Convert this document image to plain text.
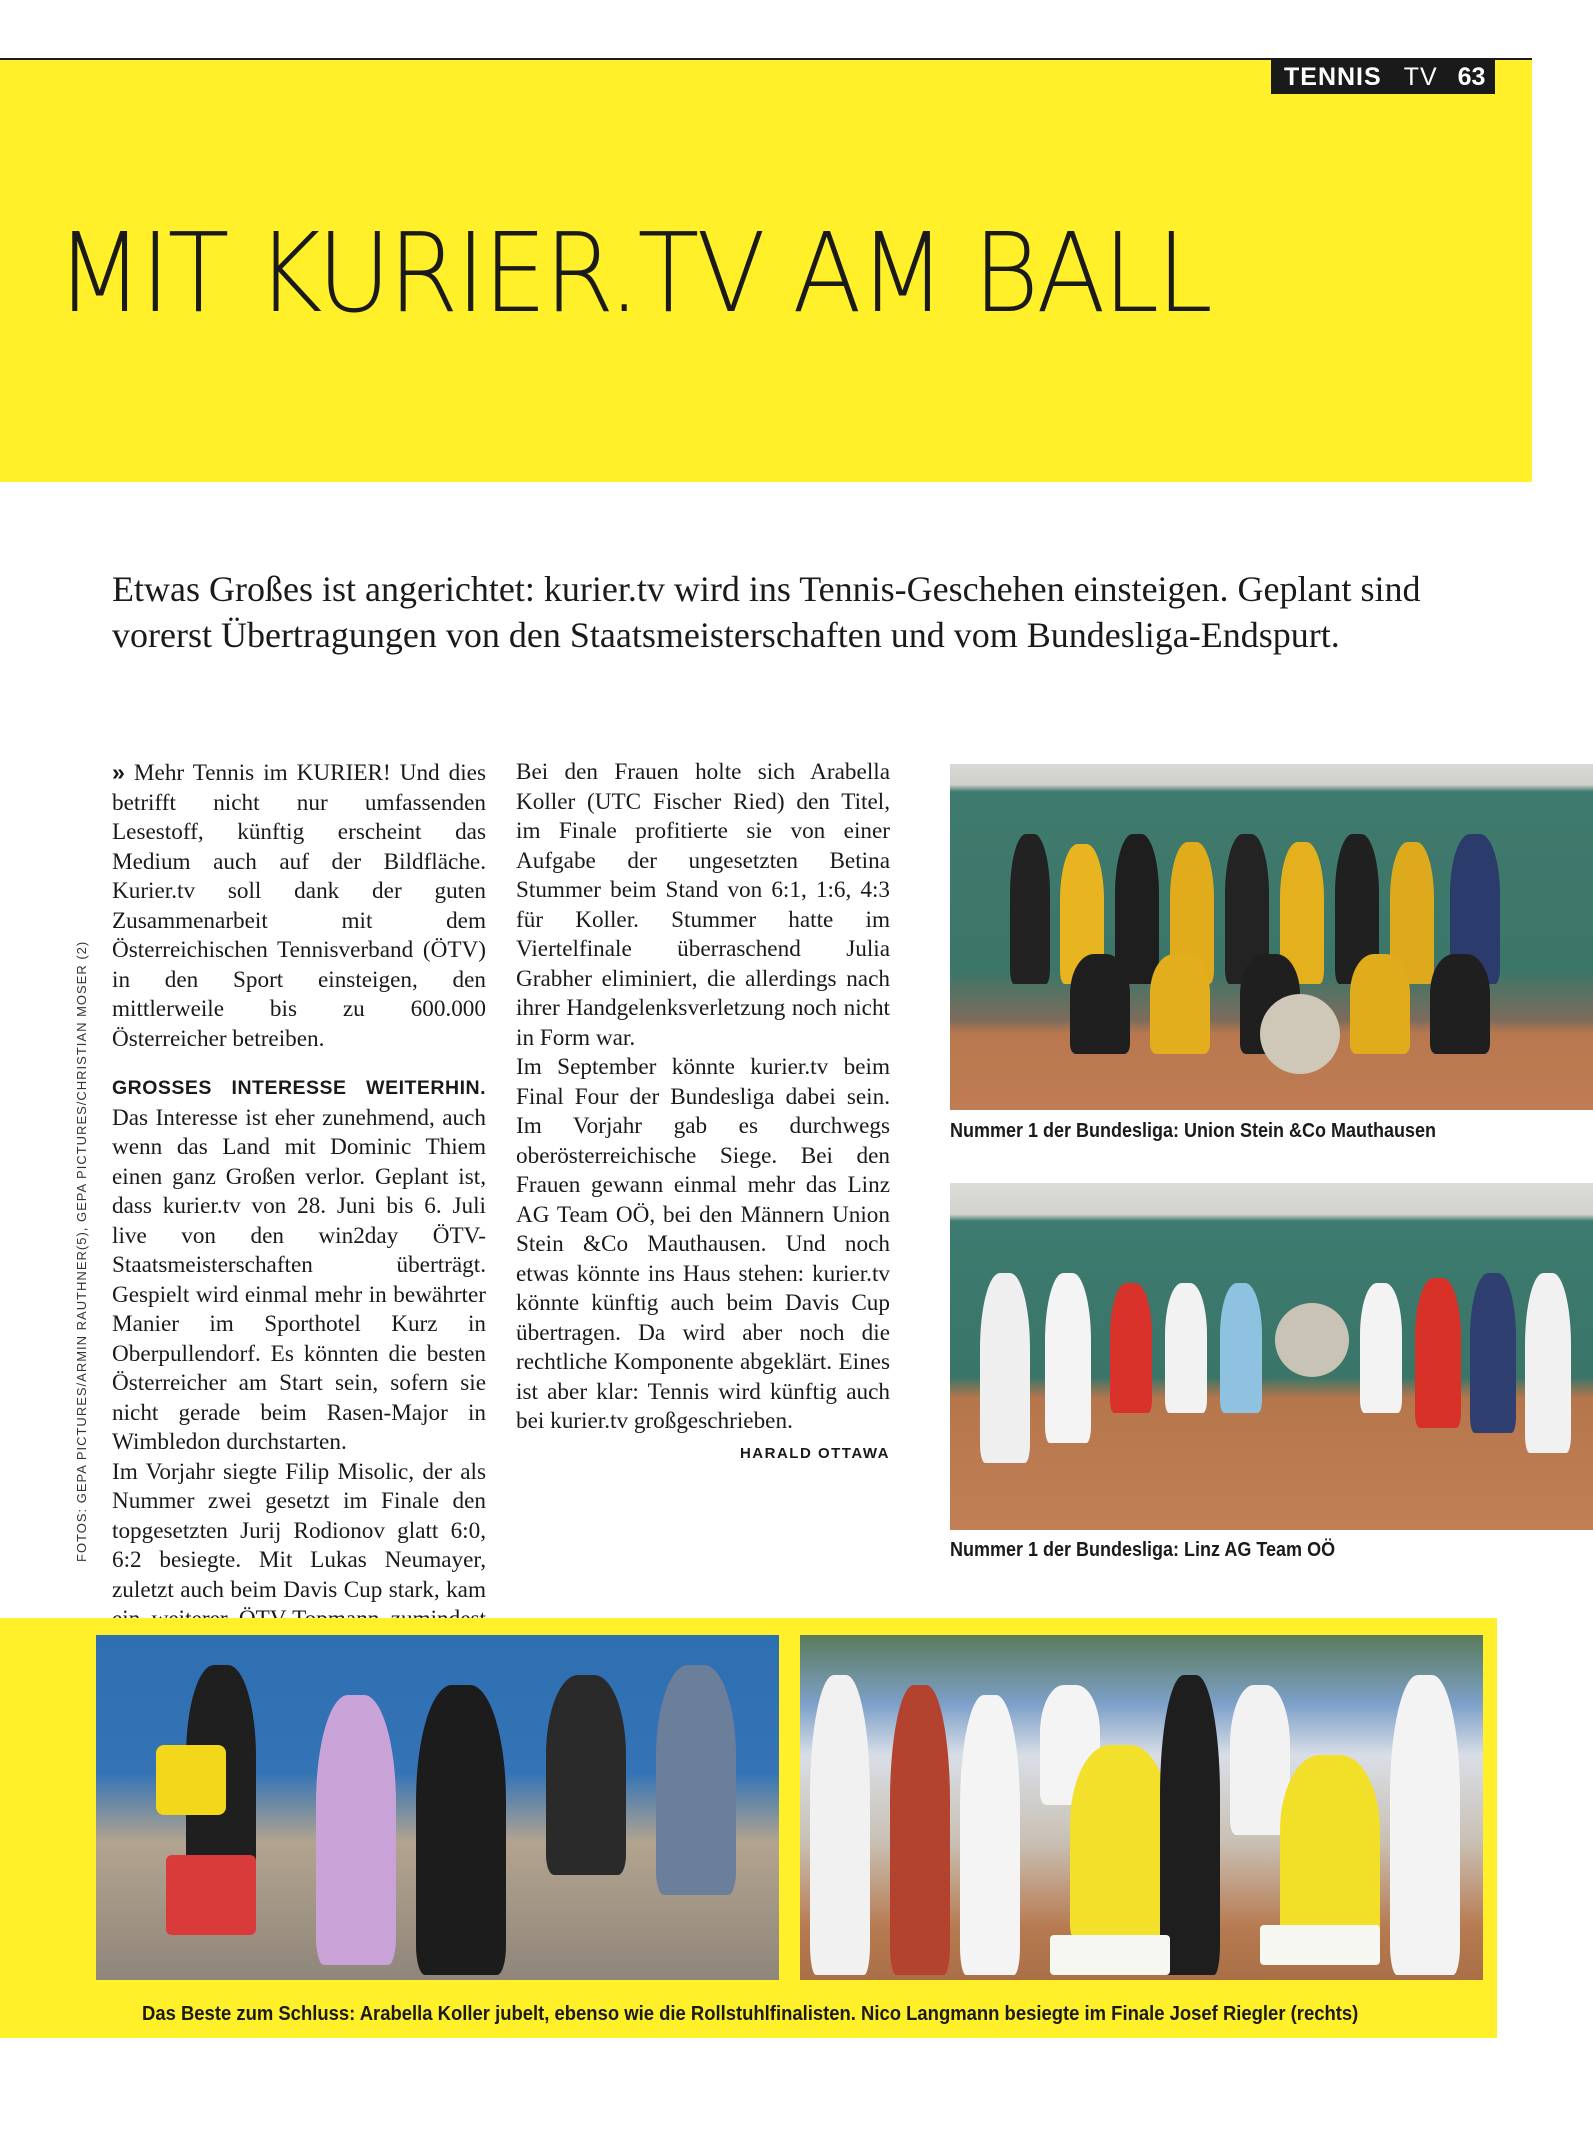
TENNIS TV 63
MIT KURIER.TV AM BALL

Etwas Großes ist angerichtet: kurier.tv wird ins Tennis-Geschehen einsteigen. Geplant sind vorerst Übertragungen von den Staatsmeisterschaften und vom Bundesliga-Endspurt.

FOTOS: GEPA PICTURES/ARMIN RAUTHNER(5), GEPA PICTURES/CHRISTIAN MOSER (2)

» Mehr Tennis im KURIER! Und dies betrifft nicht nur umfassenden Lesestoff, künftig erscheint das Medium auch auf der Bildfläche. Kurier.tv soll dank der guten Zusammenarbeit mit dem Österreichischen Tennisverband (ÖTV) in den Sport einsteigen, den mittlerweile bis zu 600.000 Österreicher betreiben.

GROSSES INTERESSE WEITERHIN.

Das Interesse ist eher zunehmend, auch wenn das Land mit Dominic Thiem einen ganz Großen verlor. Geplant ist, dass kurier.tv von 28. Juni bis 6. Juli live von den win2day ÖTV-Staatsmeisterschaften überträgt. Gespielt wird einmal mehr in bewährter Manier im Sporthotel Kurz in Oberpullendorf. Es könnten die besten Österreicher am Start sein, sofern sie nicht gerade beim Rasen-Major in Wimbledon durchstarten.

Im Vorjahr siegte Filip Misolic, der als Nummer zwei gesetzt im Finale den topgesetzten Jurij Rodionov glatt 6:0, 6:2 besiegte. Mit Lukas Neumayer, zuletzt auch beim Davis Cup stark, kam

Bei den Frauen holte sich Arabella Koller (UTC Fischer Ried) den Titel, im Finale profitierte sie von einer Aufgabe der ungesetzten Betina Stummer beim Stand von 6:1, 1:6, 4:3 für Koller. Stummer hatte im Viertelfinale überraschend Julia Grabher eliminiert, die allerdings nach ihrer Handgelenksverletzung noch nicht in Form war.

Im September könnte kurier.tv beim Final Four der Bundesliga dabei sein. Im Vorjahr gab es durchwegs oberösterreichische Siege. Bei den Frauen gewann einmal mehr das Linz AG Team OÖ, bei den Männern Union Stein &Co Mauthausen. Und noch etwas könnte ins Haus stehen: kurier.tv könnte künftig auch beim Davis Cup übertragen. Da wird aber noch die rechtliche Komponente abgeklärt. Eines ist aber klar: Tennis wird künftig auch bei kurier.tv großgeschrieben.

HARALD OTTAWA
Nummer 1 der Bundesliga: Union Stein &Co Mauthausen
Nummer 1 der Bundesliga: Linz AG Team OÖ
Das Beste zum Schluss: Arabella Koller jubelt, ebenso wie die Rollstuhlfinalisten. Nico Langmann besiegte im Finale Josef Riegler (rechts)
